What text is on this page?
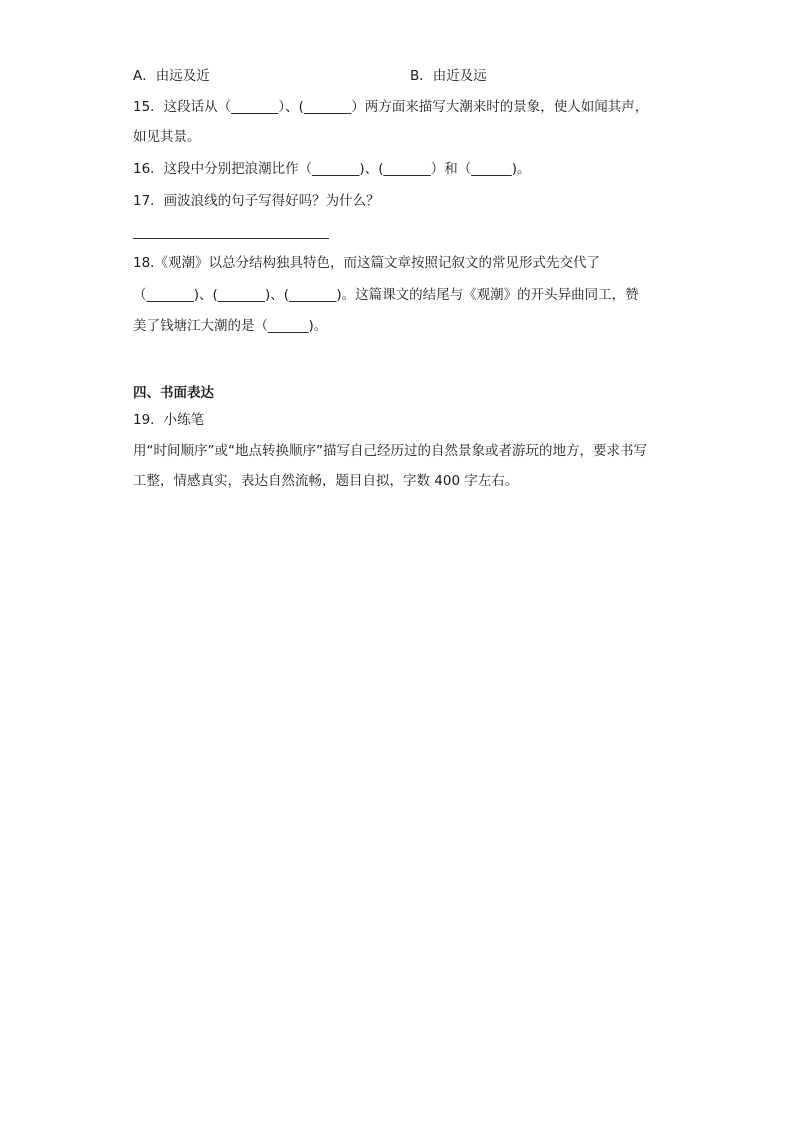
A．由远及近	B．由近及远
15．这段话从（_______）、(_______）两方面来描写大潮来时的景象，使人如闻其声，
如见其景。
16．这段中分别把浪潮比作（_______)、(_______）和（______)。
17．画波浪线的句子写得好吗？为什么？
18.《观潮》以总分结构独具特色，而这篇文章按照记叙文的常见形式先交代了
（_______)、(_______)、(_______)。这篇课文的结尾与《观潮》的开头异曲同工，赞
美了钱塘江大潮的是（______)。
四、书面表达
19．小练笔
用“时间顺序”或“地点转换顺序”描写自己经历过的自然景象或者游玩的地方，要求书写
工整，情感真实，表达自然流畅，题目自拟，字数 400 字左右。
